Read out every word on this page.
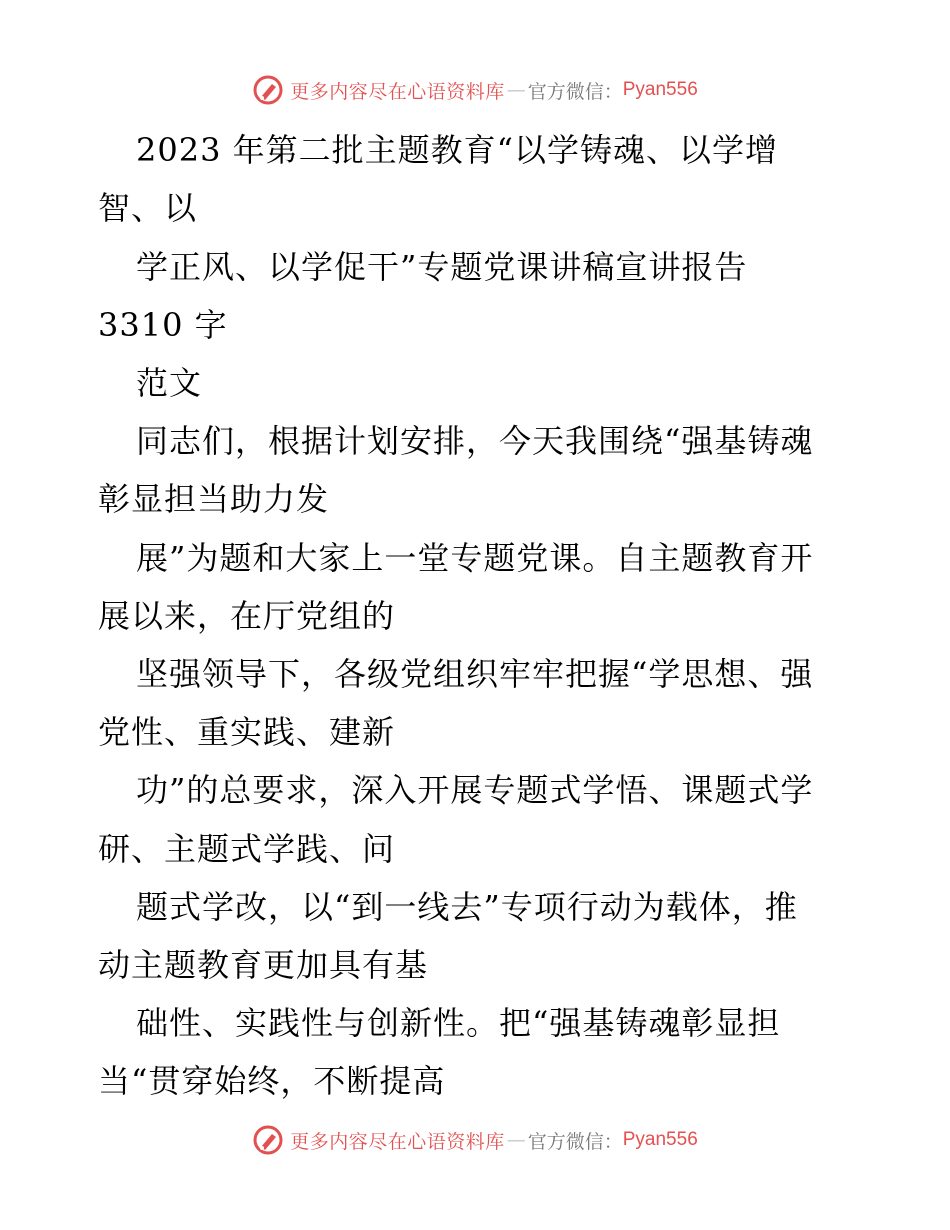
更多内容尽在心语资料库 — 官方微信： Pyan556
2023 年第二批主题教育“以学铸魂、以学增
智、以
学正风、以学促干”专题党课讲稿宣讲报告
3310 字
范文
同志们，根据计划安排，今天我围绕“强基铸魂
彰显担当助力发
展”为题和大家上一堂专题党课。自主题教育开
展以来，在厅党组的
坚强领导下，各级党组织牢牢把握“学思想、强
党性、重实践、建新
功”的总要求，深入开展专题式学悟、课题式学
研、主题式学践、问
题式学改，以“到一线去”专项行动为载体，推
动主题教育更加具有基
础性、实践性与创新性。把“强基铸魂彰显担
当“贯穿始终，不断提高
更多内容尽在心语资料库 — 官方微信： Pyan556
